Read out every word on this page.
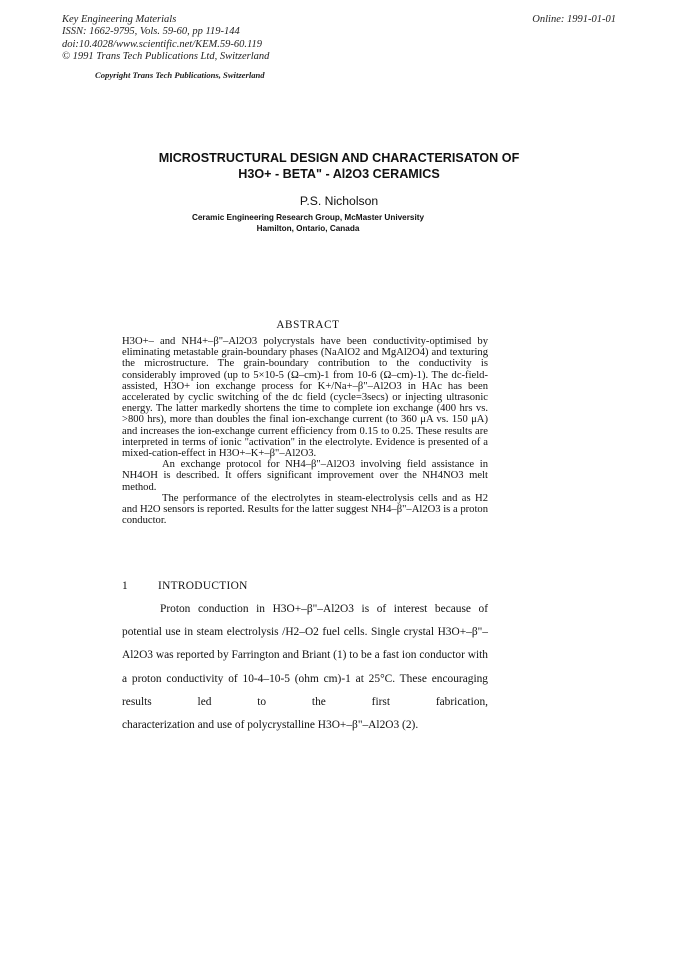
Key Engineering Materials
ISSN: 1662-9795, Vols. 59-60, pp 119-144
doi:10.4028/www.scientific.net/KEM.59-60.119
© 1991 Trans Tech Publications Ltd, Switzerland
Online: 1991-01-01
Copyright Trans Tech Publications, Switzerland
MICROSTRUCTURAL DESIGN AND CHARACTERISATON OF
H3O+ - BETA" - Al2O3 CERAMICS
P.S. Nicholson
Ceramic Engineering Research Group, McMaster University
Hamilton, Ontario, Canada
ABSTRACT

H3O+– and NH4+–β"–Al2O3 polycrystals have been conductivity-optimised by eliminating metastable grain-boundary phases (NaAlO2 and MgAl2O4) and texturing the microstructure. The grain-boundary contribution to the conductivity is considerably improved (up to 5×10-5 (Ω–cm)-1 from 10-6 (Ω–cm)-1). The dc-field-assisted, H3O+ ion exchange process for K+/Na+–β"–Al2O3 in HAc has been accelerated by cyclic switching of the dc field (cycle=3secs) or injecting ultrasonic energy. The latter markedly shortens the time to complete ion exchange (400 hrs vs. >800 hrs), more than doubles the final ion-exchange current (to 360 μA vs. 150 μA) and increases the ion-exchange current efficiency from 0.15 to 0.25. These results are interpreted in terms of ionic "activation" in the electrolyte. Evidence is presented of a mixed-cation-effect in H3O+–K+–β"–Al2O3.

An exchange protocol for NH4–β"–Al2O3 involving field assistance in NH4OH is described. It offers significant improvement over the NH4NO3 melt method.

The performance of the electrolytes in steam-electrolysis cells and as H2 and H2O sensors is reported. Results for the latter suggest NH4–β"–Al2O3 is a proton conductor.

1	INTRODUCTION
Proton conduction in H3O+–β"–Al2O3 is of interest because of potential use in steam electrolysis /H2–O2 fuel cells. Single crystal H3O+–β"–Al2O3 was reported by Farrington and Briant (1) to be a fast ion conductor with a proton conductivity of 10-4–10-5 (ohm cm)-1 at 25°C. These encouraging results led to the first fabrication,
characterization and use of polycrystalline H3O+–β"–Al2O3 (2).
